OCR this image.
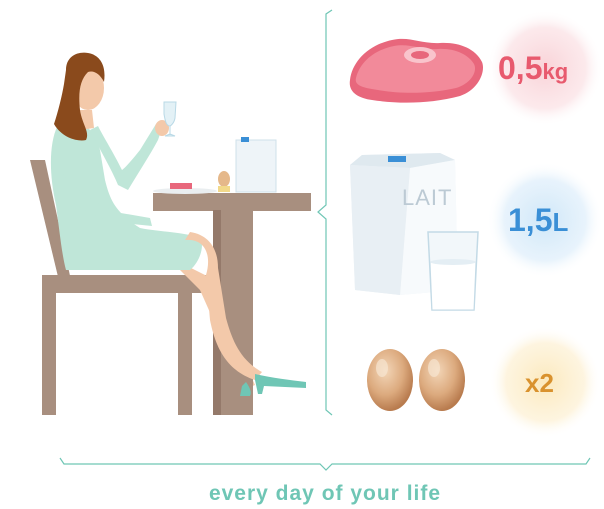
LAIT
0,5kg
1,5L
x2
every day of your life
